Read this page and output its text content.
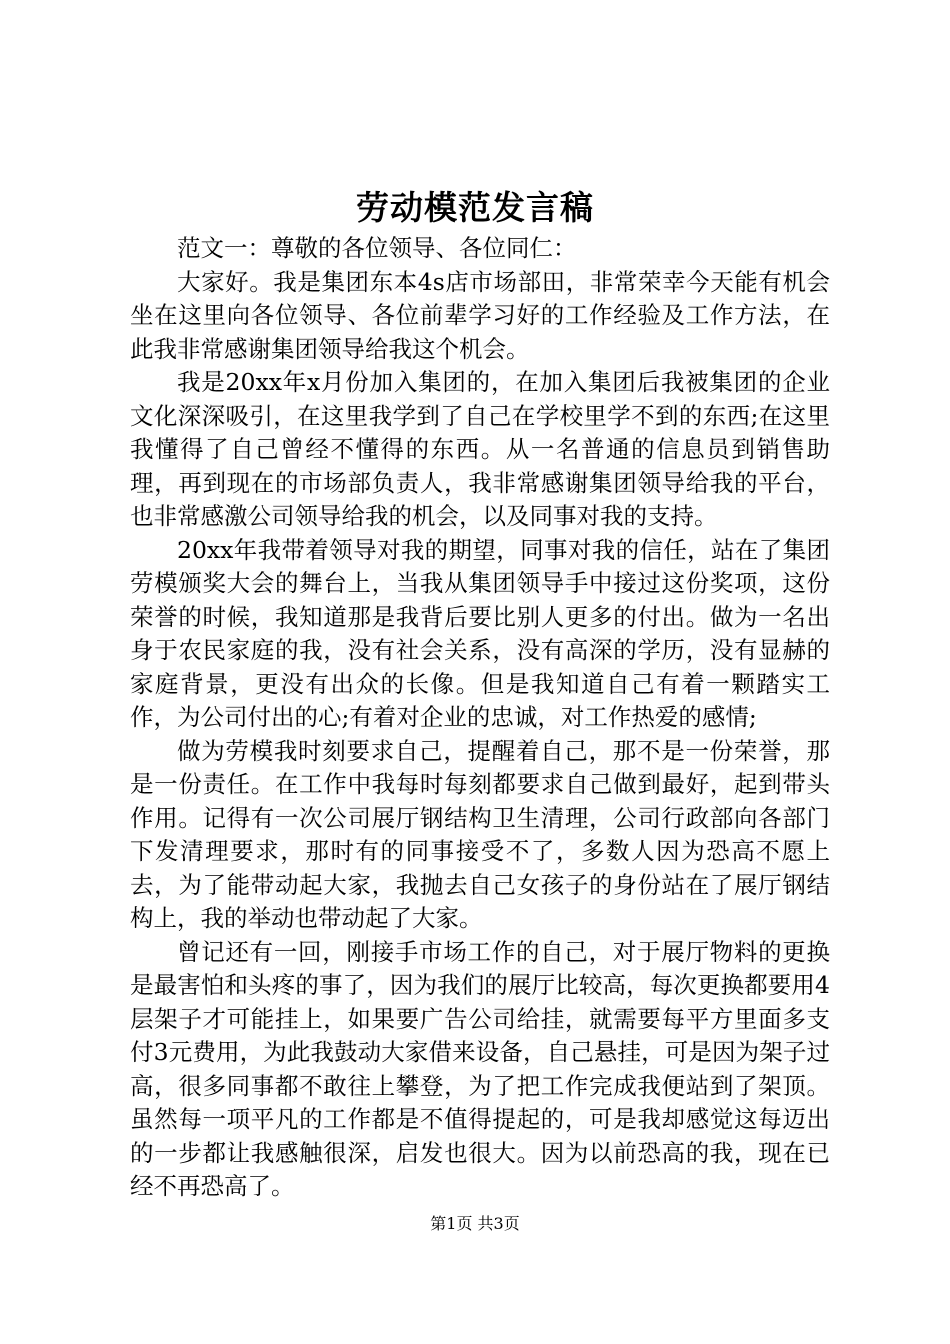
劳动模范发言稿

范文一：尊敬的各位领导、各位同仁：

大家好。我是集团东本4s店市场部田，非常荣幸今天能有机会坐在这里向各位领导、各位前辈学习好的工作经验及工作方法，在此我非常感谢集团领导给我这个机会。

我是20xx年x月份加入集团的，在加入集团后我被集团的企业文化深深吸引，在这里我学到了自己在学校里学不到的东西;在这里我懂得了自己曾经不懂得的东西。从一名普通的信息员到销售助理，再到现在的市场部负责人，我非常感谢集团领导给我的平台，也非常感激公司领导给我的机会，以及同事对我的支持。

20xx年我带着领导对我的期望，同事对我的信任，站在了集团劳模颁奖大会的舞台上，当我从集团领导手中接过这份奖项，这份荣誉的时候，我知道那是我背后要比别人更多的付出。做为一名出身于农民家庭的我，没有社会关系，没有高深的学历，没有显赫的家庭背景，更没有出众的长像。但是我知道自己有着一颗踏实工作，为公司付出的心;有着对企业的忠诚，对工作热爱的感情;

做为劳模我时刻要求自己，提醒着自己，那不是一份荣誉，那是一份责任。在工作中我每时每刻都要求自己做到最好，起到带头作用。记得有一次公司展厅钢结构卫生清理，公司行政部向各部门下发清理要求，那时有的同事接受不了，多数人因为恐高不愿上去，为了能带动起大家，我抛去自己女孩子的身份站在了展厅钢结构上，我的举动也带动起了大家。

曾记还有一回，刚接手市场工作的自己，对于展厅物料的更换是最害怕和头疼的事了，因为我们的展厅比较高，每次更换都要用4层架子才可能挂上，如果要广告公司给挂，就需要每平方里面多支付3元费用，为此我鼓动大家借来设备，自己悬挂，可是因为架子过高，很多同事都不敢往上攀登，为了把工作完成我便站到了架顶。虽然每一项平凡的工作都是不值得提起的，可是我却感觉这每迈出的一步都让我感触很深，启发也很大。因为以前恐高的我，现在已经不再恐高了。

第1页 共3页
